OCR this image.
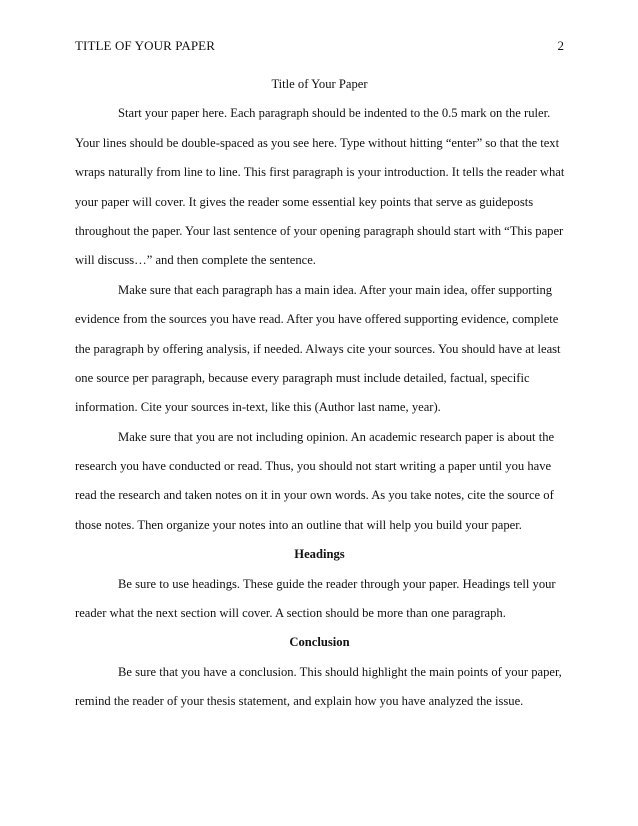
TITLE OF YOUR PAPER	2

Title of Your Paper

Start your paper here. Each paragraph should be indented to the 0.5 mark on the ruler.

Your lines should be double-spaced as you see here. Type without hitting “enter” so that the text

wraps naturally from line to line. This first paragraph is your introduction. It tells the reader what

your paper will cover. It gives the reader some essential key points that serve as guideposts

throughout the paper. Your last sentence of your opening paragraph should start with “This paper

will discuss…” and then complete the sentence.

Make sure that each paragraph has a main idea. After your main idea, offer supporting

evidence from the sources you have read. After you have offered supporting evidence, complete

the paragraph by offering analysis, if needed. Always cite your sources. You should have at least

one source per paragraph, because every paragraph must include detailed, factual, specific

information. Cite your sources in-text, like this (Author last name, year).

Make sure that you are not including opinion. An academic research paper is about the

research you have conducted or read. Thus, you should not start writing a paper until you have

read the research and taken notes on it in your own words. As you take notes, cite the source of

those notes. Then organize your notes into an outline that will help you build your paper.

Headings

Be sure to use headings. These guide the reader through your paper. Headings tell your

reader what the next section will cover. A section should be more than one paragraph.

Conclusion

Be sure that you have a conclusion. This should highlight the main points of your paper,

remind the reader of your thesis statement, and explain how you have analyzed the issue.
